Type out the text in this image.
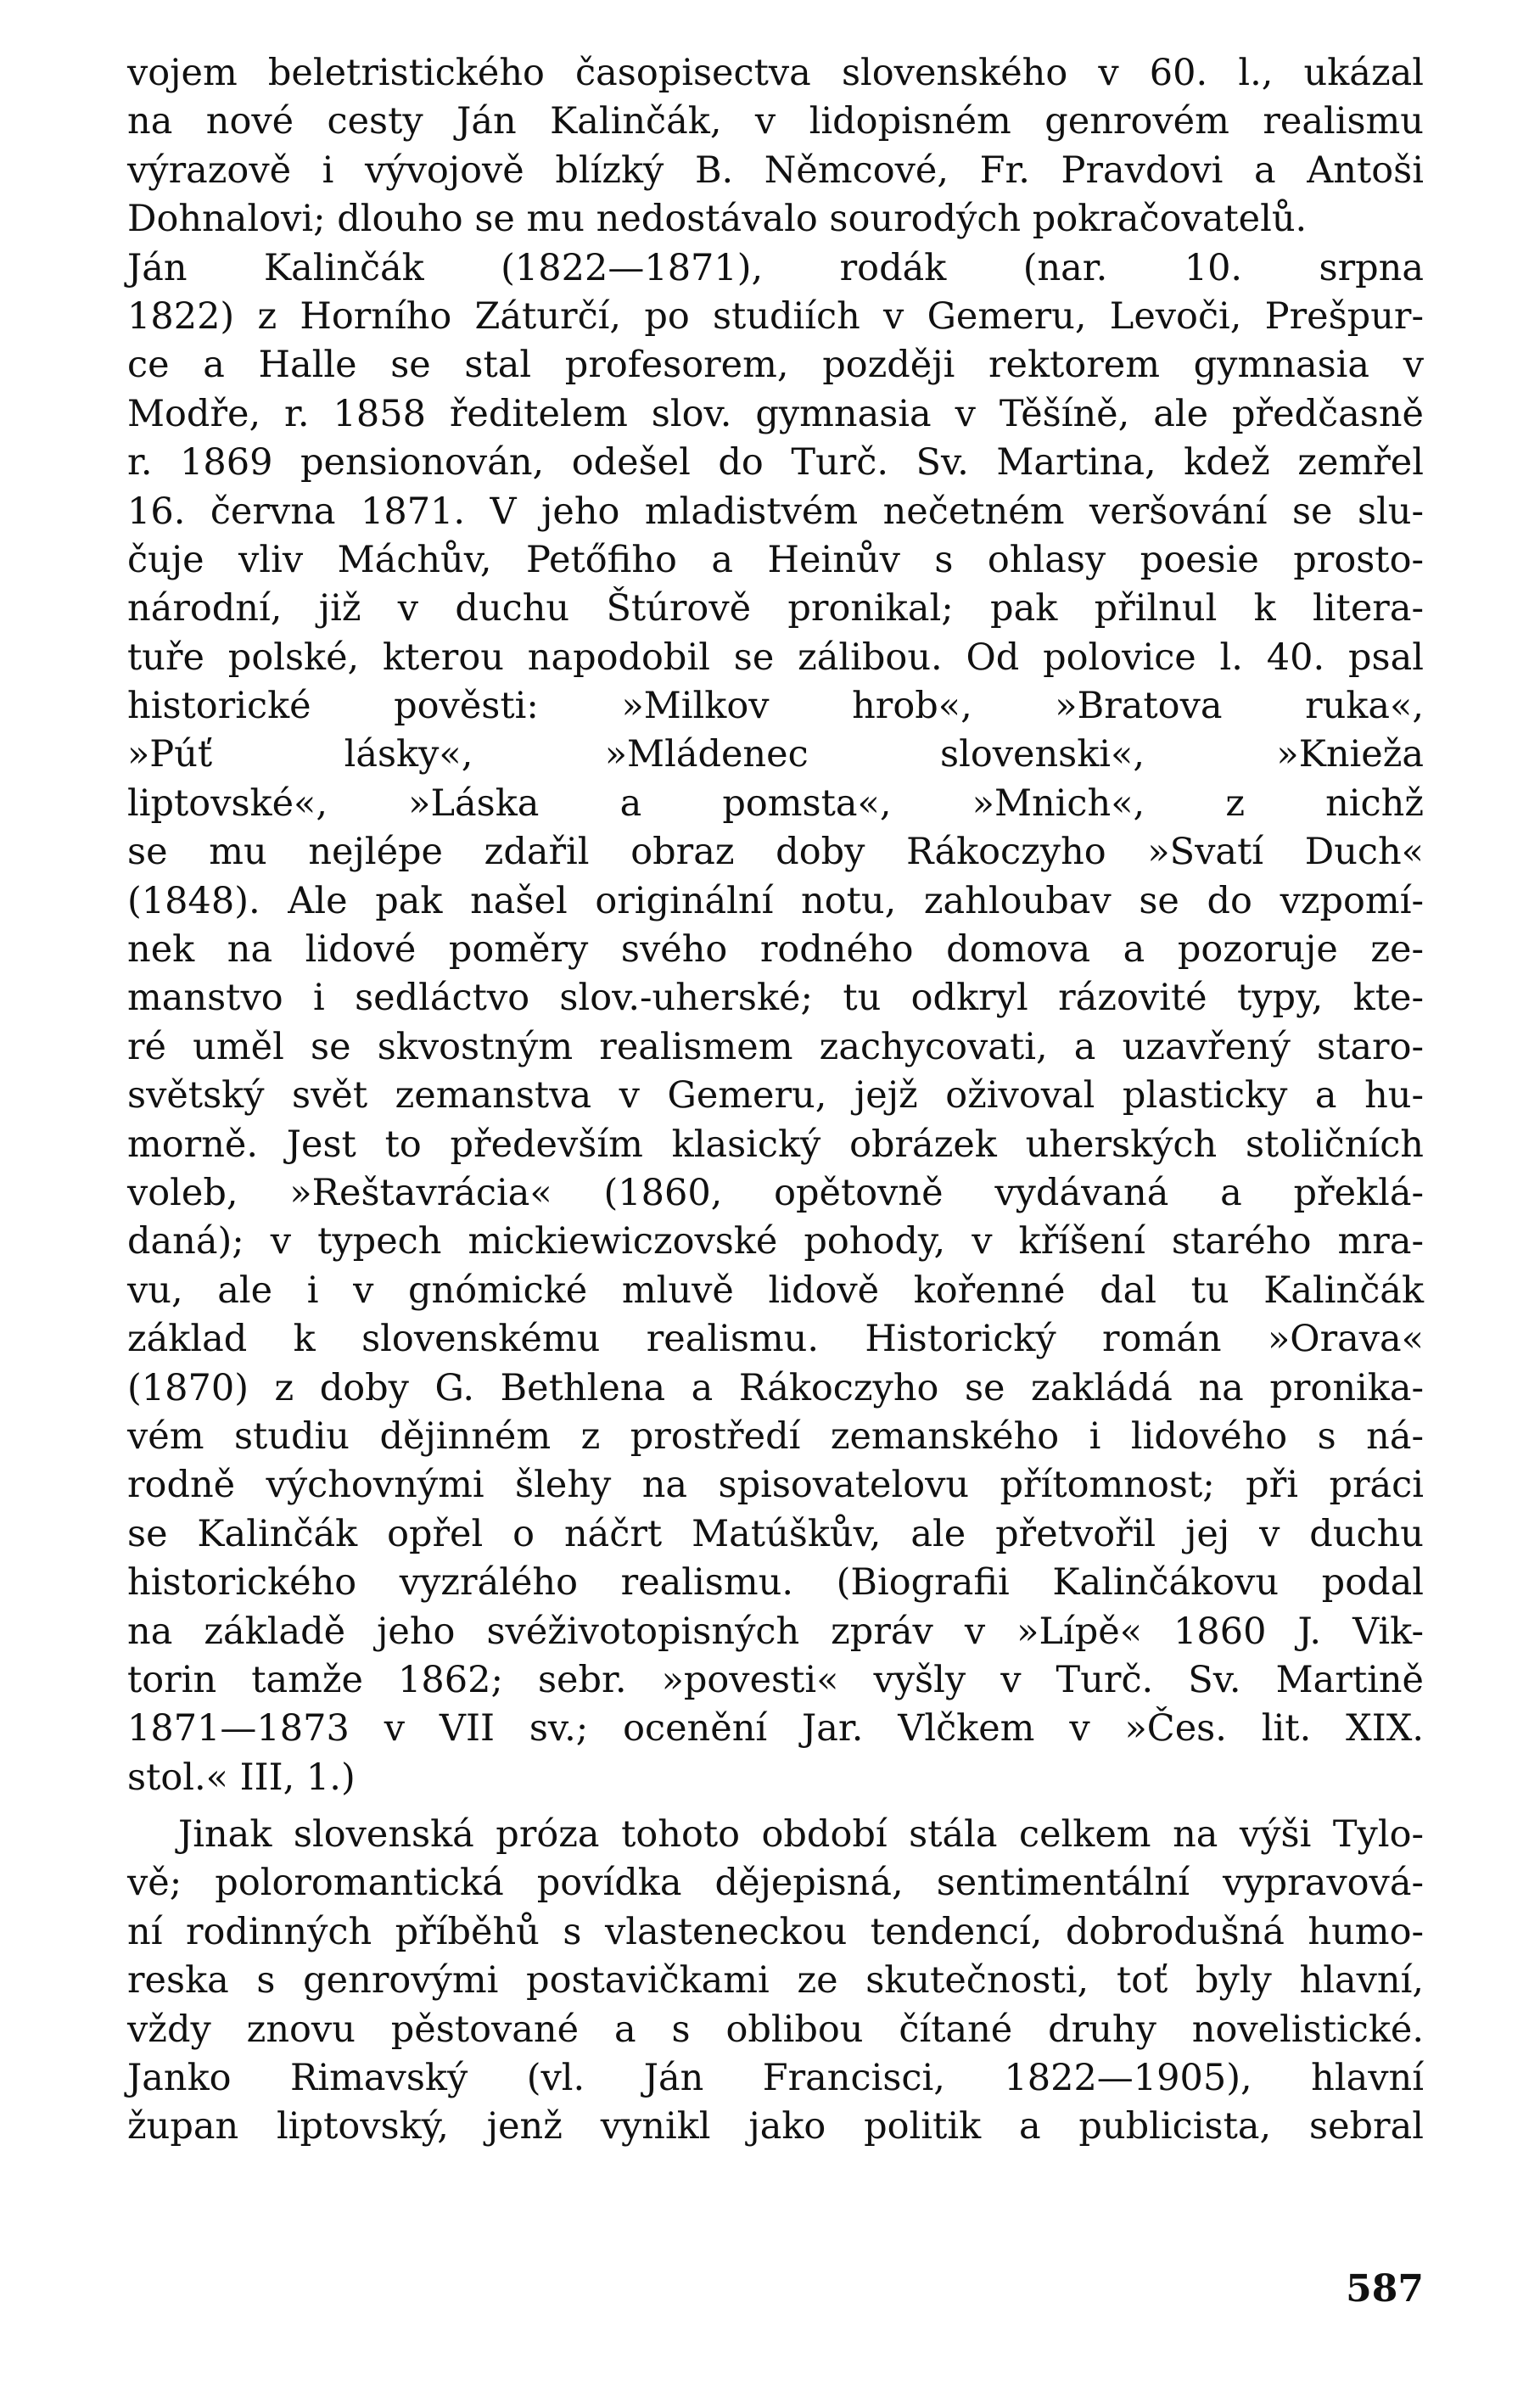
vojem beletristického časopisectva slovenského v 60. l., ukázal
na nové cesty Ján Kalinčák, v lidopisném genrovém realismu
výrazově i vývojově blízký B. Němcové, Fr. Pravdovi a Antoši
Dohnalovi; dlouho se mu nedostávalo sourodých pokračovatelů.
Ján Kalinčák (1822—1871), rodák (nar. 10. srpna
1822) z Horního Záturčí, po studiích v Gemeru, Levoči, Prešpur-
ce a Halle se stal profesorem, později rektorem gymnasia v
Modře, r. 1858 ředitelem slov. gymnasia v Těšíně, ale předčasně
r. 1869 pensionován, odešel do Turč. Sv. Martina, kdež zemřel
16. června 1871. V jeho mladistvém nečetném veršování se slu-
čuje vliv Máchův, Petőfiho a Heinův s ohlasy poesie prosto-
národní, již v duchu Štúrově pronikal; pak přilnul k litera-
tuře polské, kterou napodobil se zálibou. Od polovice l. 40. psal
historické pověsti: »Milkov hrob«, »Bratova ruka«,
»Púť lásky«, »Mládenec slovenski«, »Knieža
liptovské«, »Láska a pomsta«, »Mnich«, z nichž
se mu nejlépe zdařil obraz doby Rákoczyho »Svatí Duch«
(1848). Ale pak našel originální notu, zahloubav se do vzpomí-
nek na lidové poměry svého rodného domova a pozoruje ze-
manstvo i sedláctvo slov.-uherské; tu odkryl rázovité typy, kte-
ré uměl se skvostným realismem zachycovati, a uzavřený staro-
světský svět zemanstva v Gemeru, jejž oživoval plasticky a hu-
morně. Jest to především klasický obrázek uherských stoličních
voleb, »Reštavrácia« (1860, opětovně vydávaná a překlá-
daná); v typech mickiewiczovské pohody, v kříšení starého mra-
vu, ale i v gnómické mluvě lidově kořenné dal tu Kalinčák
základ k slovenskému realismu. Historický román »Orava«
(1870) z doby G. Bethlena a Rákoczyho se zakládá na pronika-
vém studiu dějinném z prostředí zemanského i lidového s ná-
rodně výchovnými šlehy na spisovatelovu přítomnost; při práci
se Kalinčák opřel o náčrt Matúškův, ale přetvořil jej v duchu
historického vyzrálého realismu. (Biografii Kalinčákovu podal
na základě jeho svéživotopisných zpráv v »Lípě« 1860 J. Vik-
torin tamže 1862; sebr. »povesti« vyšly v Turč. Sv. Martině
1871—1873 v VII sv.; ocenění Jar. Vlčkem v »Čes. lit. XIX.
stol.« III, 1.)
Jinak slovenská próza tohoto období stála celkem na výši Tylo-
vě; poloromantická povídka dějepisná, sentimentální vypravová-
ní rodinných příběhů s vlasteneckou tendencí, dobrodušná humo-
reska s genrovými postavičkami ze skutečnosti, toť byly hlavní,
vždy znovu pěstované a s oblibou čítané druhy novelistické.
Janko Rimavský (vl. Ján Francisci, 1822—1905), hlavní
župan liptovský, jenž vynikl jako politik a publicista, sebral
587
